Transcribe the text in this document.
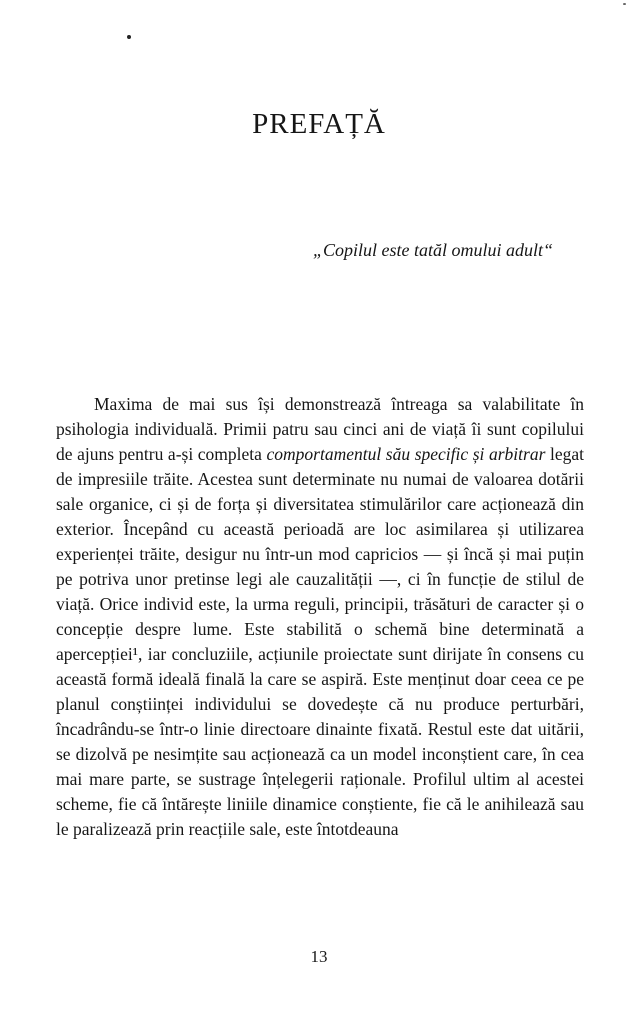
PREFAȚĂ

„Copilul este tatăl omului adult“

Maxima de mai sus își demonstrează întreaga sa valabilitate în psihologia individuală. Primii patru sau cinci ani de viață îi sunt copilului de ajuns pentru a-și completa comportamentul său specific și arbitrar legat de impresiile trăite. Acestea sunt determinate nu numai de valoarea dotării sale organice, ci și de forța și diversitatea stimulărilor care acționează din exterior. Începând cu această perioadă are loc asimilarea și utilizarea experienței trăite, desigur nu într-un mod capricios — și încă și mai puțin pe potriva unor pretinse legi ale cauzalității —, ci în funcție de stilul de viață. Orice individ este, la urma reguli, principii, trăsături de caracter și o concepție despre lume. Este stabilită o schemă bine determinată a apercepției¹, iar concluziile, acțiunile proiectate sunt dirijate în consens cu această formă ideală finală la care se aspiră. Este menținut doar ceea ce pe planul conștiinței individului se dovedește că nu produce perturbări, încadrându-se într-o linie directoare dinainte fixată. Restul este dat uitării, se dizolvă pe nesimțite sau acționează ca un model inconștient care, în cea mai mare parte, se sustrage înțelegerii raționale. Profilul ultim al acestei scheme, fie că întărește liniile dinamice conștiente, fie că le anihilează sau le paralizează prin reacțiile sale, este întotdeauna

13
